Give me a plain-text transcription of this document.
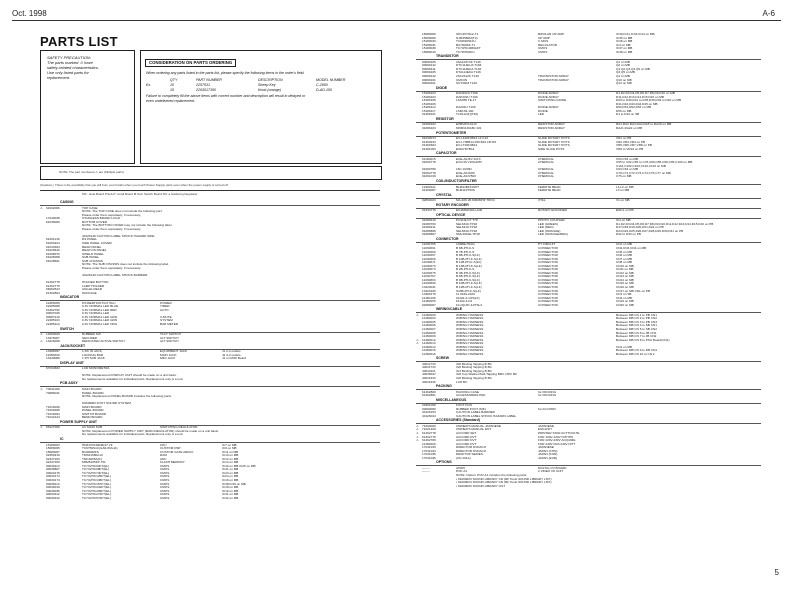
Oct. 1998	A-6
PARTS LIST
SAFETY PRECAUTION:
The parts marked ⚠ have
safety-related characteristics.
Use only listed parts for
replacement.
CONSIDERATION ON PARTS ORDERING
When ordering any parts listed in the parts list, please specify the following items in the order's field.
QTY	PART NUMBER	DESCRIPTION	MODEL NUMBER
Ex.	10	2257531	Sheep Key	C-2850
15	2263017350	Knob (orange)	D-AD-150
Failure to completely fill the above items with correct number and description will result in delayed or
even undelivered replacement.
NOTE: The part numbered ⚠ are (Multiple parts)
(Caution) • There is the possibility that you will burn your hands when you touch Power Supply parts even when the power supply is turned off.
MS : Hole Board P.Sub.P: small Board M.Sub: Switch Board SN: a Soldering Regulator
CASING
⚠	61002006	TOP CASE
NOTE: The TOP CASE does not include the following part.
Please order them separately, if necessary.
17040035	STAINLESS BRAND LOGO
61036000	BOTTOM COVER
NOTE: The BOTTOM COVER may not include the following label.
Please order them separately, if necessary.
40126146 CAUTION LABEL SHOCK HAZARD SIDE
61001146	DS PANEL
61063224	SIDE PANEL COVER
61043364	REAR PANEL
61028426	REAR DS PANEL
61068070	SHIELD PANEL
61025068	SUB PANEL
61048661	SUB CHASSIS
NOTE: The SUB CHASSIS does not include the following label.
Please order them separately, if necessary.
40126149 CAUTION LABEL SHOCK BARRIER
61462778	HOLDER BUTTON
61462779	LAMP HOLDER
66062523	ANGLE REAR
61462804	PACKAGE
INDICATOR
22485065	P.INSERTION HGT BLU	POWER
22285068	0.3V NORMAL LED BLUE	TIMER
61462792	0.3V NORMAL LED RED	AUTO
00007026	0.3V NORMAL LED
00087210	0.3V NORMAL LED GRN	V-MUTE
22485103	0.3V NORMAL LED GRN	SYSTEM
22485114	0.3V NORMAL LED ORG	BAR METER
SWITCH
⚠	14000020	RUBBER SW	TACT SWITCH
13476007	SECURED	ALT SWITCH
⚠	13416008	DEDICATED ACTIVE SWITCH	ALT SWITCH
JACK/SOCKET
13486097	1 DC IN JACK	EQUIPMENT JACK	J1 2-4 outlets
11050009	LOCKING BAR	MAIN JACK	J2 3-4 outlets
13440089	1 PH SUB JACK	MIDI JACK	J1 on MIDI Board
DISPLAY UNIT
67034663	LCD MONOMETRA
NOTE: Replacement DISPLAY UNIT should be made on a unit basis.
No replacements available for individual parts. Replacement only is a unit.
PCB ASSY
⚠	70041090	MAIN BOARD
70086041	PANEL BOARD
NOTE: Replacement PANEL BOARD includes the following parts.
60348083 FOOT SOUND SYSTEM
71016026	MAIN BOARD
71069308	PANEL BOARD
71016094	SWITCH BOARD
71042124	BEND BOARD
POWER SUPPLY UNIT
⚠	66127006	AC MAIN SUB	SWITCHING REGULATOR
NOTE: Replacement POWER SUPPLY UNIT (MAIN REGULATOR) should be made on a unit basis.
No replacements available for individual parts. Replacement only is a unit.
IC
15189003	HD6437040RM(47.VF	CPU	IC7 on MB
15089005	TC6750S1C(GA6-83/L11)	CUSTOM DSP	IC9 on MB
15089007	BU98020FS	CUSTOM GATE ARRAY	IC11 on MB
02359210	TMS41580A1C	RAM	IC10 on MB
02347183	TMC4065A(K)	ADC	IC12 on MB
02347200	M5M5165FP-70L	FLASH MEMORY	IC14 on MB
00039114	TC74VHC04FT(EL)	CMOS	IC40 on MB IC25 on MB
00038807	TC74VHC08FT(EL)	CMOS	IC41 on MB
00029176	TC74VHC74FT(EL)	CMOS	IC23 on MB
00033174	TC74VHC125FT(EL)	CMOS	IC24 on MB
00030174	TC74VHC138FT(EL)	CMOS	IC16 on MB
00038113	TC74VHC157FT(EL)	CMOS	IC38,IC39 on MB
00039019	TC74VHC244FT(EL)	CMOS	IC18 on MB
00039036	TC74VHC245FT(EL)	CMOS	IC19 on MB
00030112	TC74VHC273FT(EL)	CMOS	IC31 on MB
00039122	TC74VHC574FT(EL)	CMOS	IC32 on MB
15089006	UPC4570G2-T1	BIPOLAR OP AMP	IC30,IC31,IC33,IC34 on MB
15099006	NJM4580M(T2)	OP AMP	IC35 on MB
15189033	TC9W4051FU	C MOS	IC36 on MB
15189031	BA70036F-T1	REGULATOR	IC4 on MB
15189030	TC74HC4066AFT	CMOS	IC37 on MB
15089010	TC7WH04FU	CMOS	IC38 on MB
TRANSISTOR
00099105	2SA1037AK T146	Q1 on MB
00099142	DTC114EUA T106	Q2 on MB
00099311	DTC114EKA T146	Q1,Q2,Q3,Q4,Q6 on MB
00099105	DTA114EKA T146	Q3,Q5 on MB
00099142	2SC2412K T146	TRANSISTOR ARRAY	Q1 on MB
00099101	UMC3N	TRANSISTOR ARRAY	Q10 on MB
00099101	SCT3903 T146	Q13 on MB
DIODE
15189103	DAN202U T106	DIODE ARRAY	D1,D2,D3,D4,D5,D6,D7,D8,D9,D10 on MB
15189103	DAP202U T106	DIODE ARRAY	D11,D12,D13,D14,D15,D16 on MB
15189105	1SS355 TE-17	SWITCHING DIODE	D20 to D30,D31 to D35,D36,D39 to D40 on MB
15189106	D41,D42,D43,D44,D45 on MB
15189114	DA204U T106	DIODE ARRAY	D50,D51,D52,D53 on MB
15189117	1SR139-100	DIODE	D55 on MB
01489101	TLR112(F)(T46)	LED	D1 to D16 on SB
RESISTOR
01089102	EXBV8V101JV	RESISTOR ARRAY	RA1,RA2,RA3,RA4,RA5 to RA20 on MB
01089103	MNR34J0ABJ 101	RESISTOR ARRAY	RA21,RA22 on MB
POTENTIOMETER
01030074	EVJ-F20F3B14 14 C13	SLIDE ROTARY POTS	VR1 on PB
01460234	EVJ-Y08B14 030 B10 L6H15	SLIDE ROTARY POTS	VR2,VR3,VR4 on PB
01460304	EVJ-T20F3B14	SLIDE ROTARY POTS	VR5,VR6,VR7,VR8 on PB
01461063	EWAYDTB14	SIDE SLICE POTS	VR9 to VR16 on PB
CAPACITOR
01160015	ECE-A0JFV 2213	CHEMICAL	C53,C54 on MB
01060779	EVU/16 V10GAPR	CHEMICAL	C55 to C62,C65 to C78,C80,C85,C90,C95,C100 on MB
C101,C102,C103,C110,C115 on MB
01060780	16C 1030N	CHEMICAL	C63,C64 on MB
01062778	ECE-A0JG80	CHEMICAL	C70,C71,C72,C73,C74,C75,C77 on MB
01061016	ECE-A0JV500	CHEMICAL	C76 on MB
COIL/INDUCTOR/FILTER
12460121	BLM41B151SPT	FERRITE BEAD	L1,L2 on MB
01460007	BLM11P750S	FERRITE BEAD	L3 on MB
CRYSTAL
02860023	MA-406 28.6360MHZ TRO4	XTAL	X1 on MB
ROTARY ENCODER
01334776	EC11B0240A LA/R	ROTARY ENCODER	ENC1 on PB
OPTICAL DEVICE
01089210	PC410LOT T78	PHOTO COUPLER	IC1 on MB
01089763	SEL6310-TP18	LED (GREEN)	D1,D2,D3,D4,D5,D6,D7,D8,D9,D10,D11,D12,D13,D14,D15,D16 on PB
01089211	SEL6410-TP18	LED (RED)	D17,D18,D19,D20,D21,D22 on PB
01089866	SEL6510-TP18	LED (ORANGE)	D23,D24,D25,D26,D27,D28,D29,D30,D31 on PB
01089867	SML3010E-TP18	LED (ORANGE/RED)	D32 to D33 on PB
CONNECTOR
11030765	10SBE-H10G	PT CIRCUIT	CN1 on MB
11030661	B 6B-PH-K-S	CONNECTOR	CN2,CN3,CN4 on MB
11030660	B 7B-PH-K-S	CONNECTOR	CN5 on MB
11030667	B 8B-PH-K-S(LF)	CONNECTOR	CN6 on MB
11030669	B 10B-PH-K-S(LF)	CONNECTOR	CN7 on MB
11030871	B 11B-PH-K-S(LF)	CONNECTOR	CN8 on MB
11030673	B 13B-PH-K-S(LF)	CONNECTOR	CN10 on MB
11030673	B 2B-PH-K-S	CONNECTOR	CN11 on MB
11030675	B 4B-PH-K-S(LF)	CONNECTOR	CN12 on MB
11030767	B 6B-PH-K-S(LF)	CONNECTOR	CN13 on MB
11030803	B 9B-PH-K-S(LF)	CONNECTOR	CN14 on MB
11030809	B 10B-PH-K-S(LF)	CONNECTOR	CN15 on MB
13420031	B 12B-PH-K-S(LF)	CONNECTOR	CN16 on MB
13420160	S10B-PH-K-S(LF)	CONNECTOR	CN17 on MB CN1 on PB
13480176	11 0420-2420	CONNECTOR	CN1 on SB
11460196	01102-4-13H(LF)	CONNECTOR	CN2 on MB
11460056	F1102-4-D1	CONNECTOR	CN19 on MB
02080067	FLUQUIP-4J/TSL4	CONNECTOR	CN20 on MB
WIRING/CABLE
⚠	11460000	WIRING HARNESS	Between MB CN 1 to PB CN1
11460004	WIRING HARNESS	Between MB CN 2 to PB CN2
11460005	WIRING HARNESS	Between MB CN 3 to PB CN3
11460006	WIRING HARNESS	Between MB CN 4 to SB CN1
11460007	WIRING HARNESS	Between MB CN 5 to SB CN2
11460008	WIRING HARNESS	Between MB CN 6 to JB CN1
11460009	WIRING HARNESS	Between MB CN 7 to JB CN2
⚠	11460012	WIRING HARNESS	Between MB CN 8 to PSU Board(CN1)
⚠	11460013	WIRING HARNESS
11460014	WIRING HARNESS	CN1 on MB
11460015	WIRING HARNESS	Between MB CN 9 to DB CN1
11460016	WIRING HARNESS	Between MB CN 10 to CN 2
SCREW
40011734	3x8 Binding Tapping B BC
40011733	3x6 Binding Tapping B BC
40011921	3x4 Binding Tapping B BC
40039047	3x8 Cup Washer/Self-Tapping BRC (3PV BC
40011934	3x6 Binding Tapping B BC
40011936	LCD BC
PACKING
61462800	PACKING CASE	for PACKING
61462801	ACCESSORIES PAD	for PACKING
MISCELLANEOUS
22901090	FOOT DUS
00060090	RUBBER FOOT (MK)	for ACCORD
40126153	CAUTION LABEL BARRIER
40126044	CAUTION LABEL SHOCK HAZARD LABEL
ACCESSORIES (Standard)
⚠	71000000	OWNER'S MANUAL JAPANESE	JAPANESE
⚠	71021400	OWNER'S MANUAL ENT	ENGLISH
⚠	61462778	ACCORD SET	PRINTER STAR ACTTOOLTE
⚠	61462779	ACCORD DVT	FOR 100V-120V NITHHS
⚠	61462780	ACCORD DVT	FOR 220V-230V ACQUIRE
11460000	ACCORD DVT	FOR 240V FRA 240V NITT
17041033	DIRECTOR DVDACO	JAPANESE
17041034	DIRECTOR DVDACO	JAPAN (CHN)
17041035	DESKTOP SERIES	JAPAN (KOR)
17041036	(CD-J01A)	JAPAN (EUR)
OPTIONS
--------	A5OPI	DIGITAL I/O BOARD
--------	PCP-A1	2 VIDEO I/O UNIT
NOTE: Option: PCP-A1 includes the following parts.
• 61000023 SOUND LIBRARY CD (RF Tools SOUND LIBRARY LIST)
• 61000024 SOUND LIBRARY CD (RF Tools SOUND LIBRARY LIST)
• 61000025 SOUND LIBRARY LIST
5
